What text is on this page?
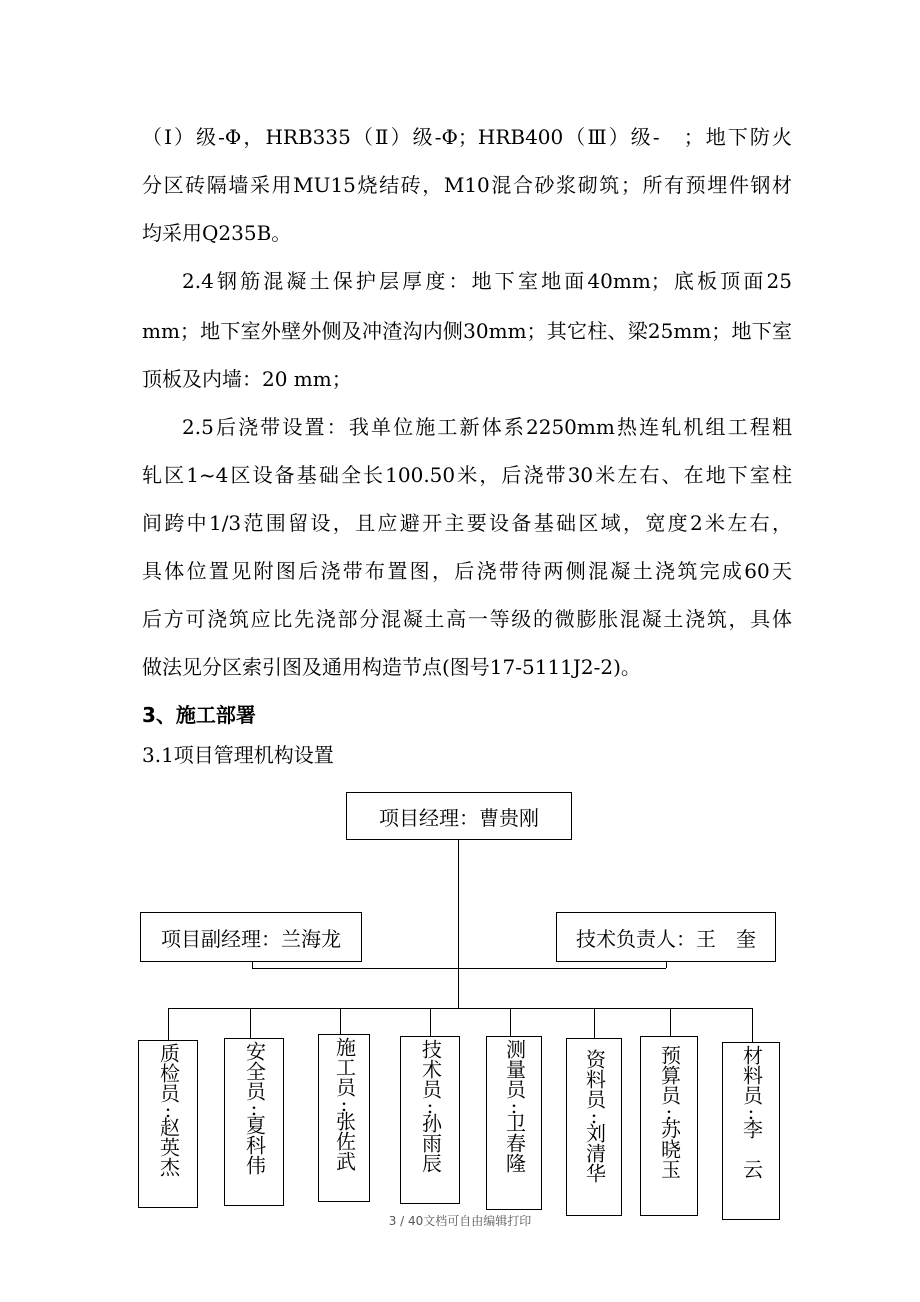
（Ⅰ）级-Φ，HRB335（Ⅱ）级-Φ；HRB400（Ⅲ）级-　；地下防火
分区砖隔墙采用MU15烧结砖，M10混合砂浆砌筑；所有预埋件钢材
均采用Q235B。
2.4钢筋混凝土保护层厚度：地下室地面40mm；底板顶面25
mm；地下室外壁外侧及冲渣沟内侧30mm；其它柱、梁25mm；地下室
顶板及内墙：20 mm；
2.5后浇带设置：我单位施工新体系2250mm热连轧机组工程粗
轧区1~4区设备基础全长100.50米，后浇带30米左右、在地下室柱
间跨中1/3范围留设，且应避开主要设备基础区域，宽度2米左右，
具体位置见附图后浇带布置图，后浇带待两侧混凝土浇筑完成60天
后方可浇筑应比先浇部分混凝土高一等级的微膨胀混凝土浇筑，具体
做法见分区索引图及通用构造节点(图号17-5111J2-2)。
3、施工部署
3.1项目管理机构设置
项目经理：曹贵刚
项目副经理：兰海龙	技术负责人：王　奎
质检员
:
赵英杰
安全员
:
夏科伟
施工员
:
张佐武
技术员
:
孙雨辰
测量员
:
卫春隆
资料员
:
刘清华
预算员
:
苏晓玉
材料员
:
李　云
3 / 40文档可自由编辑打印
